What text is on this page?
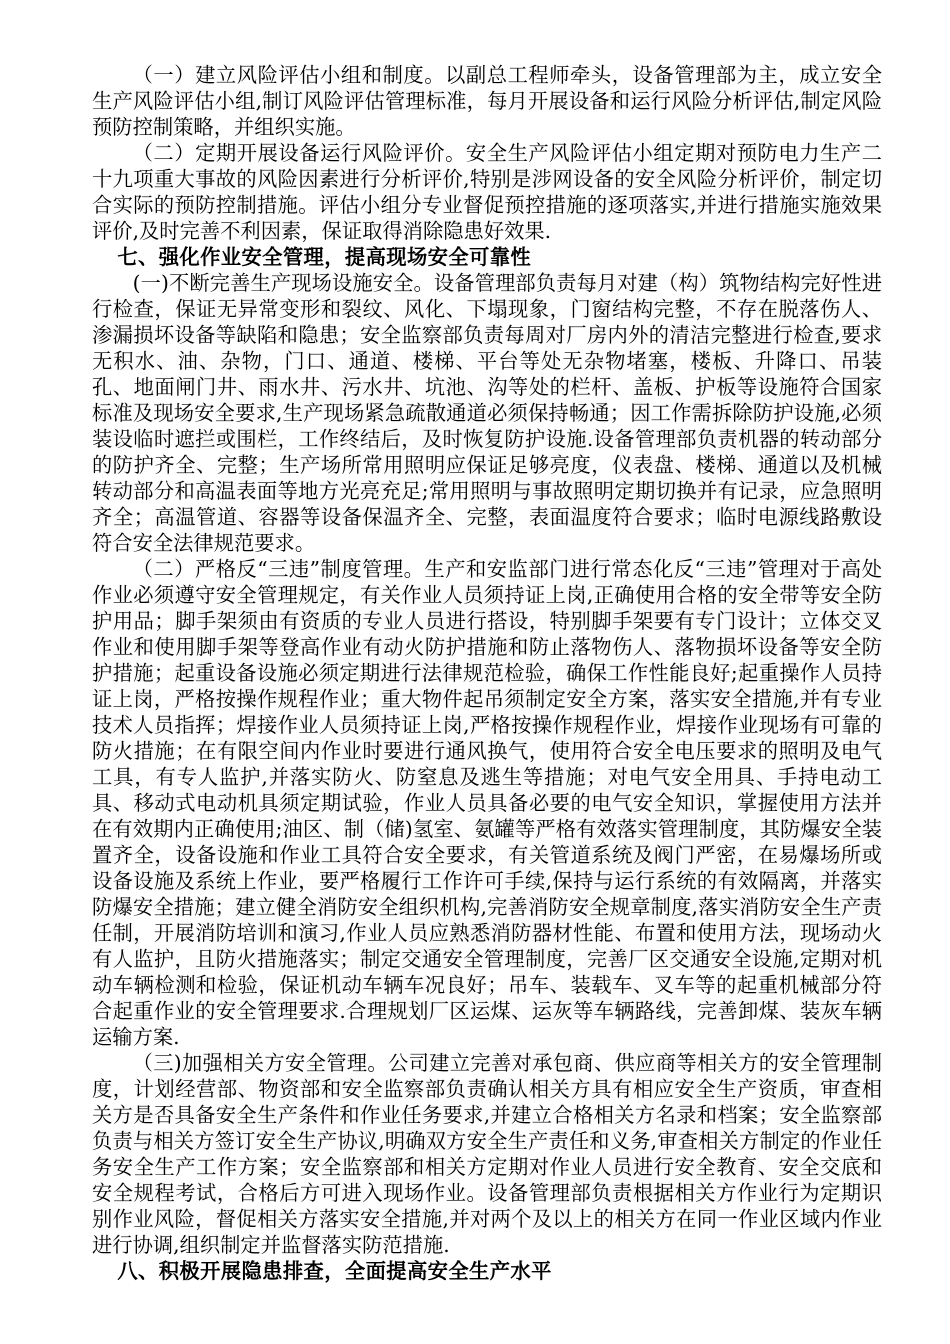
（一）建立风险评估小组和制度。以副总工程师牵头，设备管理部为主，成立安全生产风险评估小组,制订风险评估管理标准，每月开展设备和运行风险分析评估,制定风险预防控制策略，并组织实施。

（二）定期开展设备运行风险评价。安全生产风险评估小组定期对预防电力生产二十九项重大事故的风险因素进行分析评价,特别是涉网设备的安全风险分析评价，制定切合实际的预防控制措施。评估小组分专业督促预控措施的逐项落实,并进行措施实施效果评价,及时完善不利因素，保证取得消除隐患好效果.

七、强化作业安全管理，提高现场安全可靠性

(一)不断完善生产现场设施安全。设备管理部负责每月对建（构）筑物结构完好性进行检查，保证无异常变形和裂纹、风化、下塌现象，门窗结构完整，不存在脱落伤人、渗漏损坏设备等缺陷和隐患；安全监察部负责每周对厂房内外的清洁完整进行检查,要求无积水、油、杂物，门口、通道、楼梯、平台等处无杂物堵塞，楼板、升降口、吊装孔、地面闸门井、雨水井、污水井、坑池、沟等处的栏杆、盖板、护板等设施符合国家标准及现场安全要求,生产现场紧急疏散通道必须保持畅通；因工作需拆除防护设施,必须装设临时遮拦或围栏，工作终结后，及时恢复防护设施.设备管理部负责机器的转动部分的防护齐全、完整；生产场所常用照明应保证足够亮度，仪表盘、楼梯、通道以及机械转动部分和高温表面等地方光亮充足;常用照明与事故照明定期切换并有记录，应急照明齐全；高温管道、容器等设备保温齐全、完整，表面温度符合要求；临时电源线路敷设符合安全法律规范要求。

（二）严格反“三违”制度管理。生产和安监部门进行常态化反“三违”管理对于高处作业必须遵守安全管理规定，有关作业人员须持证上岗,正确使用合格的安全带等安全防护用品；脚手架须由有资质的专业人员进行搭设，特别脚手架要有专门设计；立体交叉作业和使用脚手架等登高作业有动火防护措施和防止落物伤人、落物损坏设备等安全防护措施；起重设备设施必须定期进行法律规范检验，确保工作性能良好;起重操作人员持证上岗，严格按操作规程作业；重大物件起吊须制定安全方案，落实安全措施,并有专业技术人员指挥；焊接作业人员须持证上岗,严格按操作规程作业，焊接作业现场有可靠的防火措施；在有限空间内作业时要进行通风换气，使用符合安全电压要求的照明及电气工具，有专人监护,并落实防火、防窒息及逃生等措施；对电气安全用具、手持电动工具、移动式电动机具须定期试验，作业人员具备必要的电气安全知识，掌握使用方法并在有效期内正确使用;油区、制（储)氢室、氨罐等严格有效落实管理制度，其防爆安全装置齐全，设备设施和作业工具符合安全要求，有关管道系统及阀门严密，在易爆场所或设备设施及系统上作业，要严格履行工作许可手续,保持与运行系统的有效隔离，并落实防爆安全措施；建立健全消防安全组织机构,完善消防安全规章制度,落实消防安全生产责任制，开展消防培训和演习,作业人员应熟悉消防器材性能、布置和使用方法，现场动火有人监护，且防火措施落实；制定交通安全管理制度，完善厂区交通安全设施,定期对机动车辆检测和检验，保证机动车辆车况良好；吊车、装载车、叉车等的起重机械部分符合起重作业的安全管理要求.合理规划厂区运煤、运灰等车辆路线，完善卸煤、装灰车辆运输方案.

（三)加强相关方安全管理。公司建立完善对承包商、供应商等相关方的安全管理制度，计划经营部、物资部和安全监察部负责确认相关方具有相应安全生产资质，审查相关方是否具备安全生产条件和作业任务要求,并建立合格相关方名录和档案；安全监察部负责与相关方签订安全生产协议,明确双方安全生产责任和义务,审查相关方制定的作业任务安全生产工作方案；安全监察部和相关方定期对作业人员进行安全教育、安全交底和安全规程考试，合格后方可进入现场作业。设备管理部负责根据相关方作业行为定期识别作业风险，督促相关方落实安全措施,并对两个及以上的相关方在同一作业区域内作业进行协调,组织制定并监督落实防范措施.

八、积极开展隐患排查，全面提高安全生产水平
